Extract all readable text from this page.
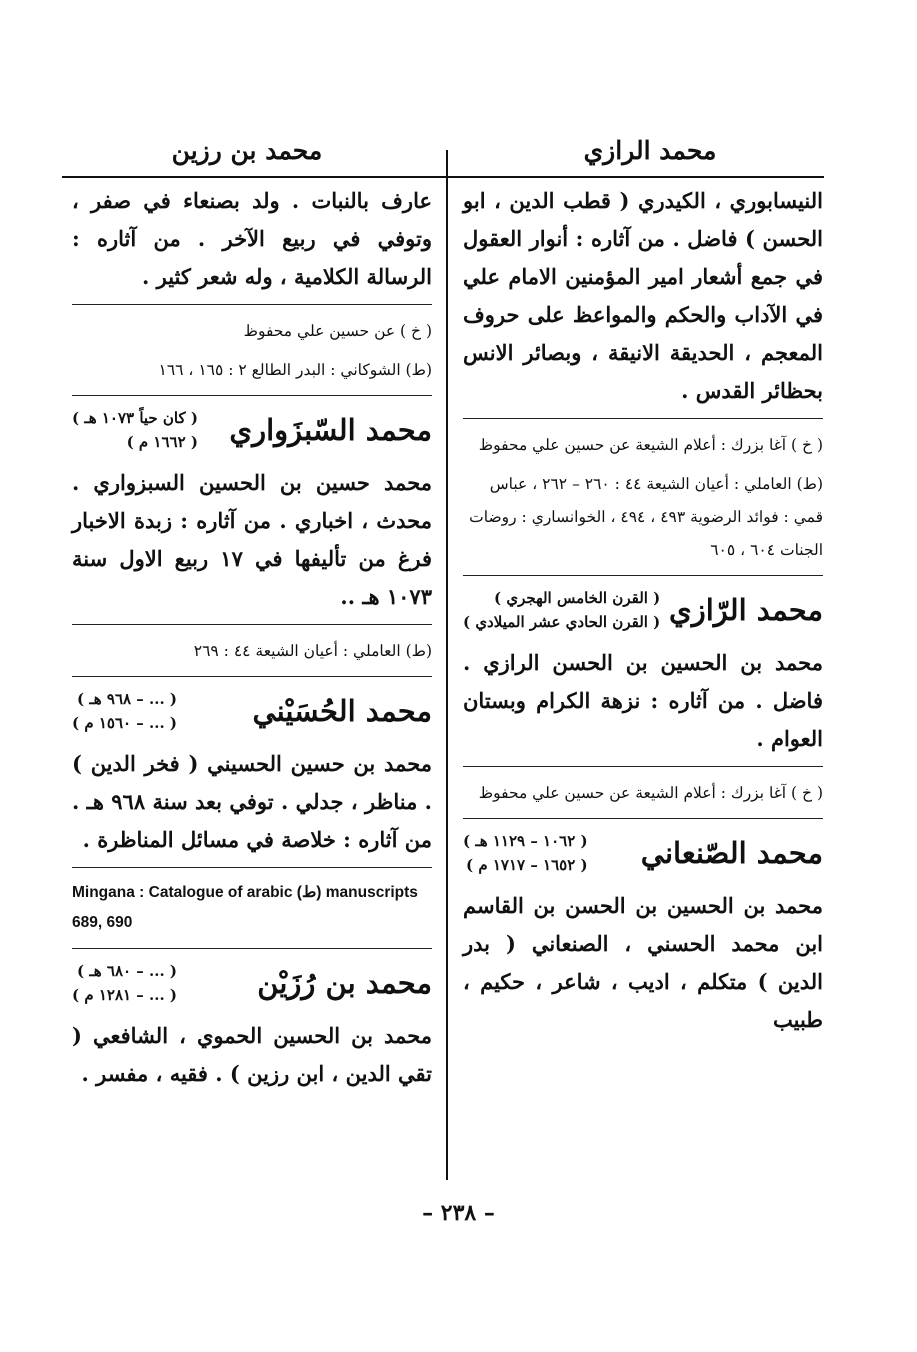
محمد الرازي
محمد بن رزين

النيسابوري ، الكيدري ( قطب الدين ، ابو الحسن ) فاضل . من آثاره : أنوار العقول في جمع أشعار امير المؤمنين الامام علي في الآداب والحكم والمواعظ على حروف المعجم ، الحديقة الانيقة ، وبصائر الانس بحظائر القدس .

( خ ) آغا بزرك : أعلام الشيعة عن حسين علي محفوظ

(ط) العاملي : أعيان الشيعة ٤٤ : ٢٦٠ – ٢٦٢ ، عباس قمي : فوائد الرضوية ٤٩٣ ، ٤٩٤ ، الخوانساري : روضات الجنات ٦٠٤ ، ٦٠٥

محمد الرّازي
( القرن الخامس الهجري )
( القرن الحادي عشر الميلادي )

محمد بن الحسين بن الحسن الرازي . فاضل . من آثاره : نزهة الكرام وبستان العوام .

( خ ) آغا بزرك : أعلام الشيعة عن حسين علي محفوظ

محمد الصّنعاني
( ١٠٦٢ – ١١٢٩ هـ )
( ١٦٥٢ – ١٧١٧ م )

محمد بن الحسين بن الحسن بن القاسم ابن محمد الحسني ، الصنعاني ( بدر الدين ) متكلم ، اديب ، شاعر ، حكيم ، طبيب

عارف بالنبات . ولد بصنعاء في صفر ، وتوفي في ربيع الآخر . من آثاره : الرسالة الكلامية ، وله شعر كثير .

( خ ) عن حسين علي محفوظ

(ط) الشوكاني : البدر الطالع ٢ : ١٦٥ ، ١٦٦

محمد السّبزَواري
( كان حياً ١٠٧٣ هـ )
( ١٦٦٢ م )

محمد حسين بن الحسين السبزواري . محدث ، اخباري . من آثاره : زبدة الاخبار فرغ من تأليفها في ١٧ ربيع الاول سنة ١٠٧٣ هـ ..

(ط) العاملي : أعيان الشيعة ٤٤ : ٢٦٩

محمد الحُسَيْني
( ... – ٩٦٨ هـ )
( ... – ١٥٦٠ م )

محمد بن حسين الحسيني ( فخر الدين ) . مناظر ، جدلي . توفي بعد سنة ٩٦٨ هـ . من آثاره : خلاصة في مسائل المناظرة .

Mingana : Catalogue of arabic (ط) manuscripts 689, 690

محمد بن رُزَيْن
( ... – ٦٨٠ هـ )
( ... – ١٢٨١ م )

محمد بن الحسين الحموي ، الشافعي ( تقي الدين ، ابن رزين ) . فقيه ، مفسر .

– ٢٣٨ –
